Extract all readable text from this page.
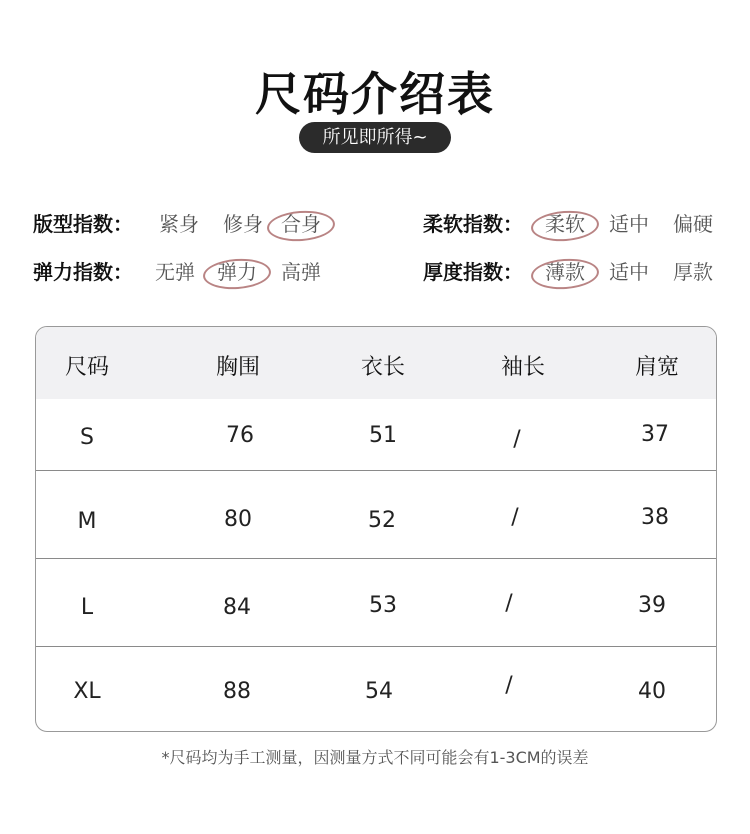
尺码介绍表
所见即所得~
版型指数：	紧身	修身 合身	柔软指数：	柔软	适中	偏硬
弹力指数：	无弹	弹力	高弹	厚度指数：	薄款	适中	厚款
尺码	胸围	衣长	袖长	肩宽
S	76	51	/	37
M	80	52	/	38
L	84	53	/	39
XL	88	54	/	40
*尺码均为手工测量，因测量方式不同可能会有1-3CM的误差
